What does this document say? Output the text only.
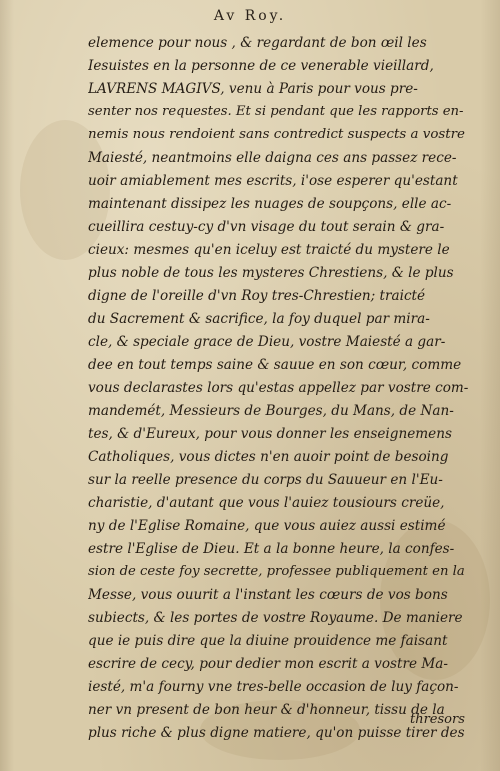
Av Roy.
elemence pour nous , & regardant de bon œil les
Iesuistes en la personne de ce venerable vieillard,
LAVRENS MAGIVS, venu à Paris pour vous pre-
senter nos requestes. Et si pendant que les rapports en-
nemis nous rendoient sans contredict suspects a vostre
Maiesté, neantmoins elle daigna ces ans passez rece-
uoir amiablement mes escrits, i'ose esperer qu'estant
maintenant dissipez les nuages de soupçons, elle ac-
cueillira cestuy-cy d'vn visage du tout serain & gra-
cieux: mesmes qu'en iceluy est traicté du mystere le
plus noble de tous les mysteres Chrestiens, & le plus
digne de l'oreille d'vn Roy tres-Chrestien; traicté
du Sacrement & sacrifice, la foy duquel par mira-
cle, & speciale grace de Dieu, vostre Maiesté a gar-
dee en tout temps saine & sauue en son cœur, comme
vous declarastes lors qu'estas appellez par vostre com-
mandemét, Messieurs de Bourges, du Mans, de Nan-
tes, & d'Eureux, pour vous donner les enseignemens
Catholiques, vous dictes n'en auoir point de besoing
sur la reelle presence du corps du Sauueur en l'Eu-
charistie, d'autant que vous l'auiez tousiours creüe,
ny de l'Eglise Romaine, que vous auiez aussi estimé
estre l'Eglise de Dieu. Et a la bonne heure, la confes-
sion de ceste foy secrette, professee publiquement en la
Messe, vous ouurit a l'instant les cœurs de vos bons
subiects, & les portes de vostre Royaume. De maniere
que ie puis dire que la diuine prouidence me faisant
escrire de cecy, pour dedier mon escrit a vostre Ma-
iesté, m'a fourny vne tres-belle occasion de luy façon-
ner vn present de bon heur & d'honneur, tissu de la
plus riche & plus digne matiere, qu'on puisse tirer des
thresors
